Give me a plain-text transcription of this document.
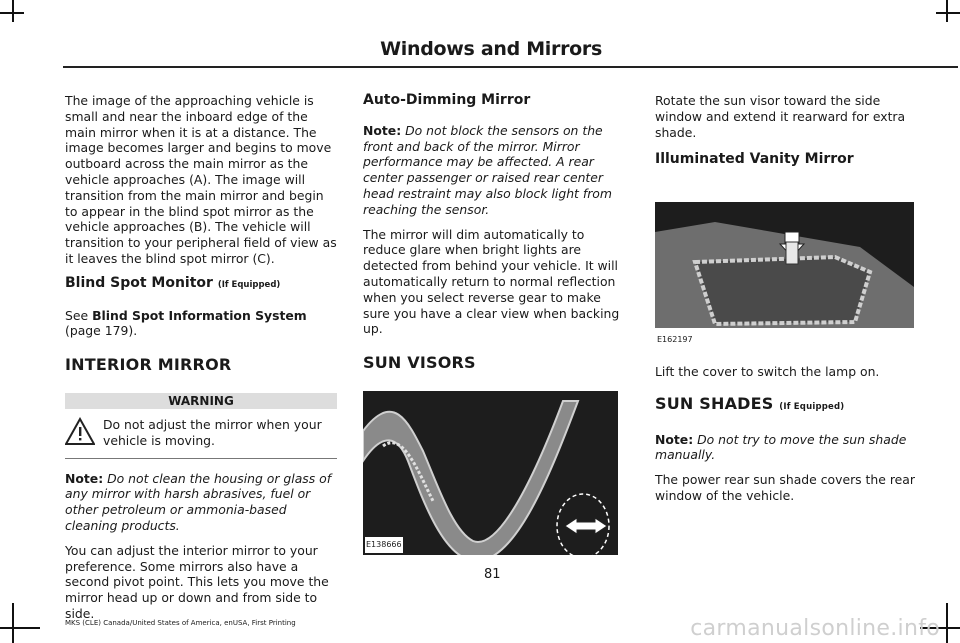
Windows and Mirrors

The image of the approaching vehicle is small and near the inboard edge of the main mirror when it is at a distance. The image becomes larger and begins to move outboard across the main mirror as the vehicle approaches (A). The image will transition from the main mirror and begin to appear in the blind spot mirror as the vehicle approaches (B). The vehicle will transition to your peripheral field of view as it leaves the blind spot mirror (C).

Blind Spot Monitor (If Equipped)

See Blind Spot Information System (page 179).

INTERIOR MIRROR
WARNING
Do not adjust the mirror when your vehicle is moving.

Note: Do not clean the housing or glass of any mirror with harsh abrasives, fuel or other petroleum or ammonia-based cleaning products.

You can adjust the interior mirror to your preference. Some mirrors also have a second pivot point. This lets you move the mirror head up or down and from side to side.

Auto-Dimming Mirror

Note: Do not block the sensors on the front and back of the mirror. Mirror performance may be affected. A rear center passenger or raised rear center head restraint may also block light from reaching the sensor.

The mirror will dim automatically to reduce glare when bright lights are detected from behind your vehicle. It will automatically return to normal reflection when you select reverse gear to make sure you have a clear view when backing up.

SUN VISORS
E138666

Rotate the sun visor toward the side window and extend it rearward for extra shade.

Illuminated Vanity Mirror
E162197

Lift the cover to switch the lamp on.

SUN SHADES (If Equipped)

Note: Do not try to move the sun shade manually.

The power rear sun shade covers the rear window of the vehicle.

81
MKS (CLE) Canada/United States of America, enUSA, First Printing	carmanualsonline.info
